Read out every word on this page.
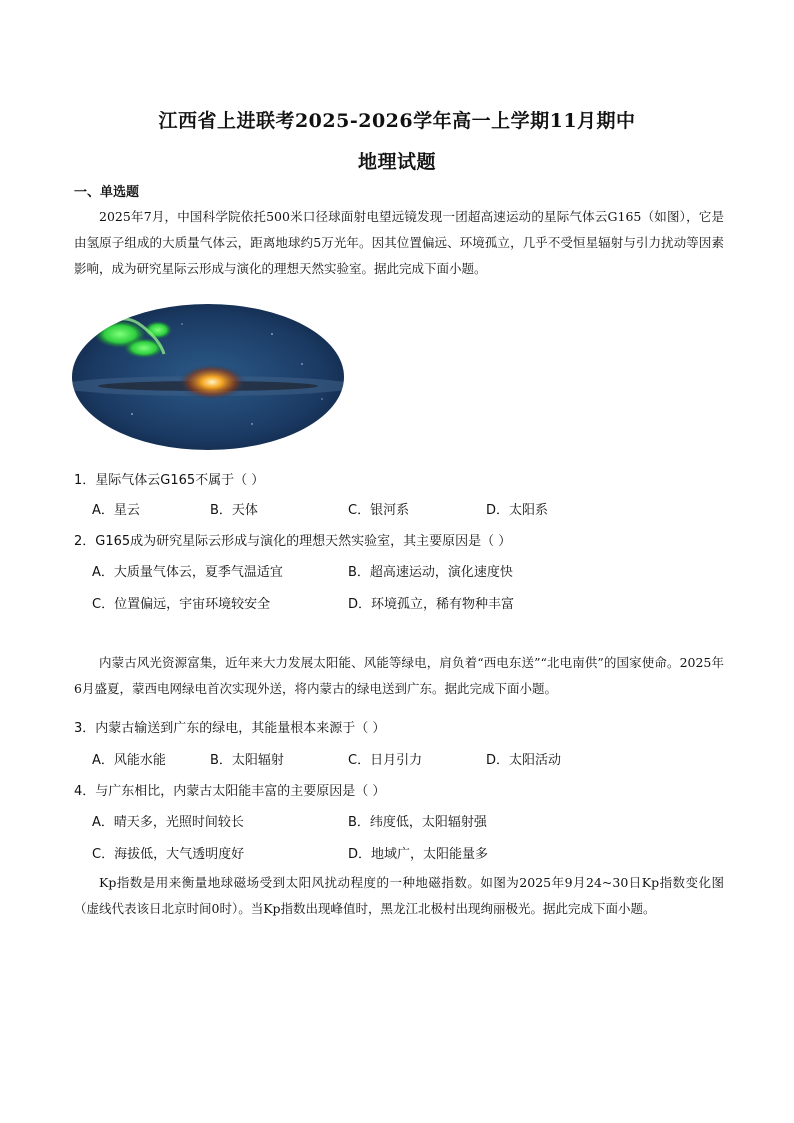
江西省上进联考2025-2026学年高一上学期11月期中
地理试题
一、单选题
2025年7月，中国科学院依托500米口径球面射电望远镜发现一团超高速运动的星际气体云G165（如图），它是由氢原子组成的大质量气体云，距离地球约5万光年。因其位置偏远、环境孤立，几乎不受恒星辐射与引力扰动等因素影响，成为研究星际云形成与演化的理想天然实验室。据此完成下面小题。
1．星际气体云G165不属于（ ）
A．星云	B．天体	C．银河系	D．太阳系
2．G165成为研究星际云形成与演化的理想天然实验室，其主要原因是（ ）
A．大质量气体云，夏季气温适宜	B．超高速运动，演化速度快
C．位置偏远，宇宙环境较安全	D．环境孤立，稀有物种丰富
内蒙古风光资源富集，近年来大力发展太阳能、风能等绿电，肩负着“西电东送”“北电南供”的国家使命。2025年6月盛夏，蒙西电网绿电首次实现外送，将内蒙古的绿电送到广东。据此完成下面小题。
3．内蒙古输送到广东的绿电，其能量根本来源于（ ）
A．风能水能	B．太阳辐射	C．日月引力	D．太阳活动
4．与广东相比，内蒙古太阳能丰富的主要原因是（ ）
A．晴天多，光照时间较长	B．纬度低，太阳辐射强
C．海拔低，大气透明度好	D．地域广，太阳能量多
Kp指数是用来衡量地球磁场受到太阳风扰动程度的一种地磁指数。如图为2025年9月24~30日Kp指数变化图（虚线代表该日北京时间0时）。当Kp指数出现峰值时，黑龙江北极村出现绚丽极光。据此完成下面小题。
